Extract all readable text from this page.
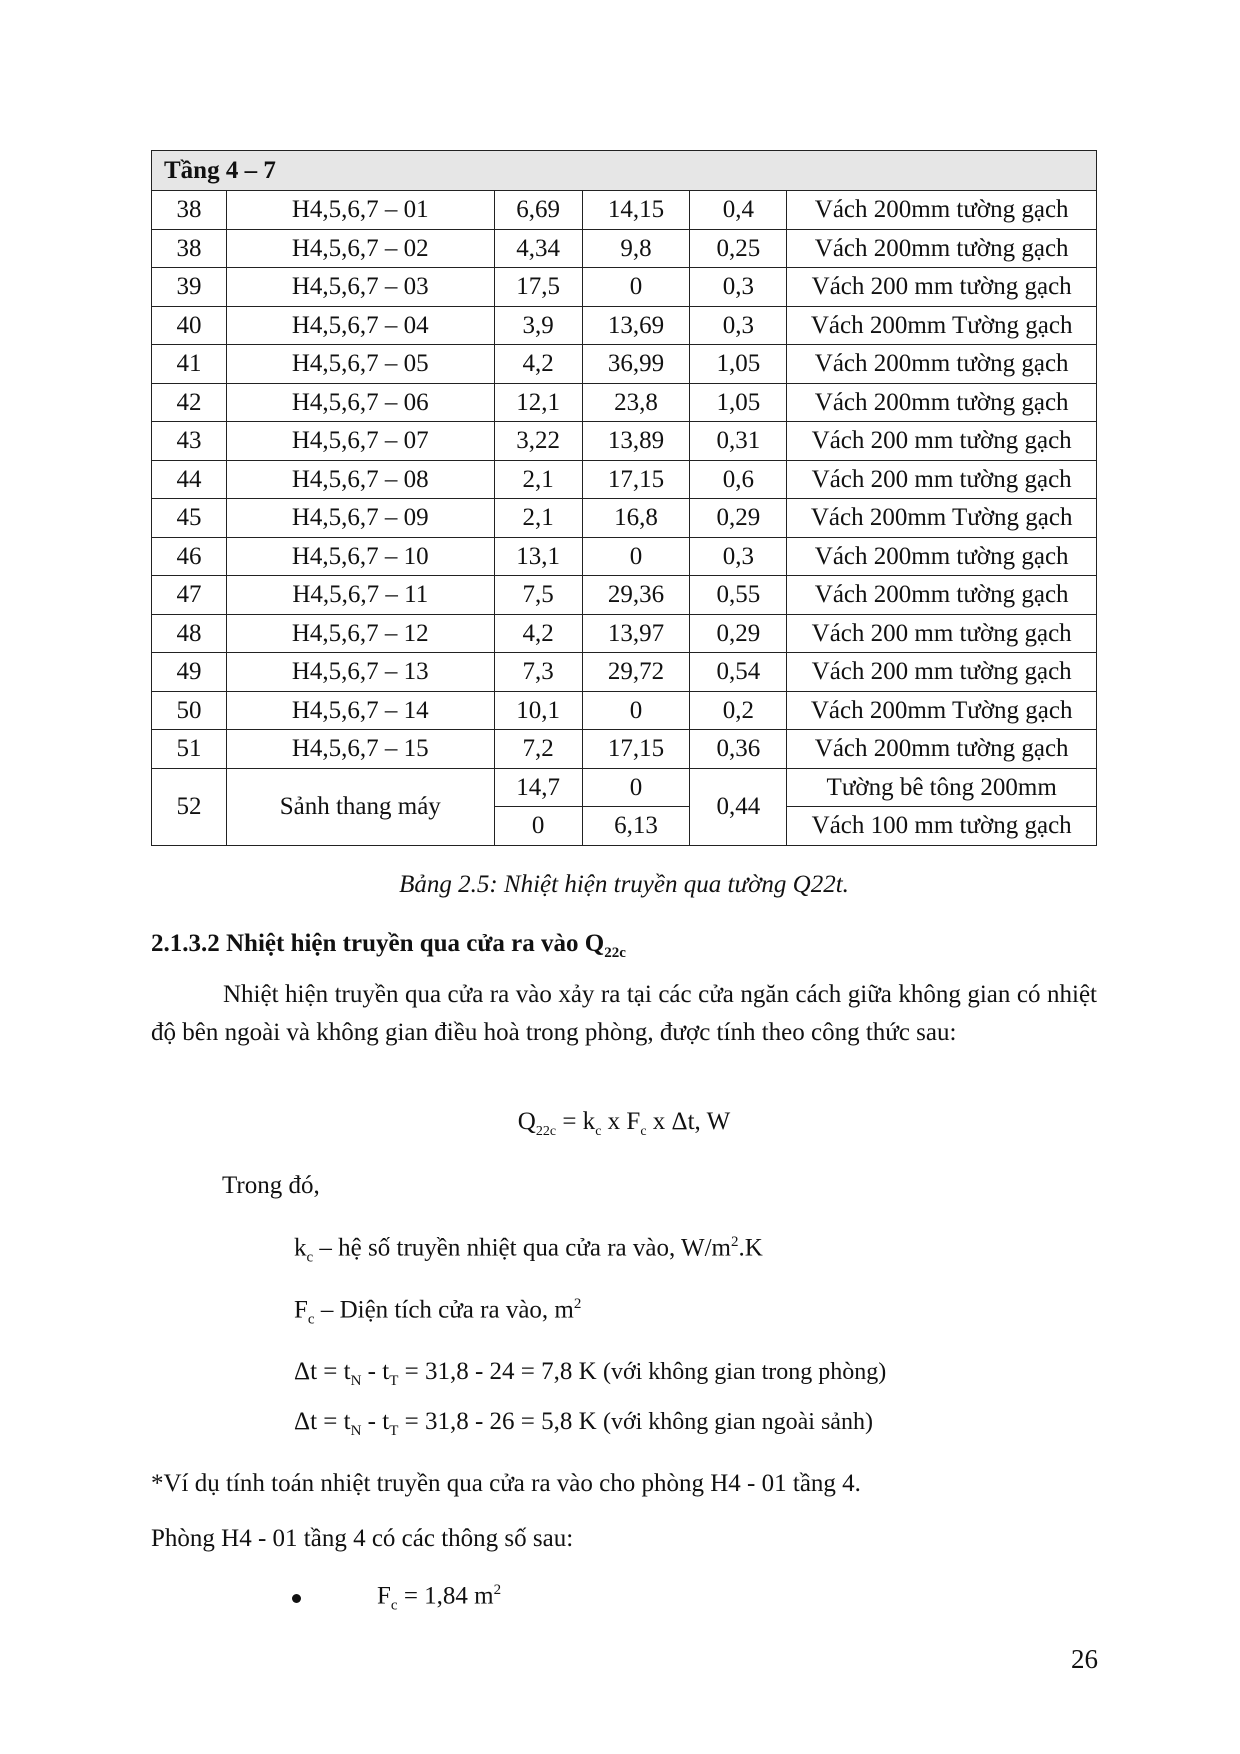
Tầng 4 – 7					
38	H4,5,6,7 – 01	6,69	14,15	0,4	Vách 200mm tường gạch
38	H4,5,6,7 – 02	4,34	9,8	0,25	Vách 200mm tường gạch
39	H4,5,6,7 – 03	17,5	0	0,3	Vách 200 mm tường gạch
40	H4,5,6,7 – 04	3,9	13,69	0,3	Vách 200mm Tường gạch
41	H4,5,6,7 – 05	4,2	36,99	1,05	Vách 200mm tường gạch
42	H4,5,6,7 – 06	12,1	23,8	1,05	Vách 200mm tường gạch
43	H4,5,6,7 – 07	3,22	13,89	0,31	Vách 200 mm tường gạch
44	H4,5,6,7 – 08	2,1	17,15	0,6	Vách 200 mm tường gạch
45	H4,5,6,7 – 09	2,1	16,8	0,29	Vách 200mm Tường gạch
46	H4,5,6,7 – 10	13,1	0	0,3	Vách 200mm tường gạch
47	H4,5,6,7 – 11	7,5	29,36	0,55	Vách 200mm tường gạch
48	H4,5,6,7 – 12	4,2	13,97	0,29	Vách 200 mm tường gạch
49	H4,5,6,7 – 13	7,3	29,72	0,54	Vách 200 mm tường gạch
50	H4,5,6,7 – 14	10,1	0	0,2	Vách 200mm Tường gạch
51	H4,5,6,7 – 15	7,2	17,15	0,36	Vách 200mm tường gạch
52	Sảnh thang máy	14,7	0	0,44	Tường bê tông 200mm
		0	6,13		Vách 100 mm tường gạch
Bảng 2.5: Nhiệt hiện truyền qua tường Q22t.
2.1.3.2 Nhiệt hiện truyền qua cửa ra vào $Q_{22c}$
Nhiệt hiện truyền qua cửa ra vào xảy ra tại các cửa ngăn cách giữa không gian có nhiệt độ bên ngoài và không gian điều hoà trong phòng, được tính theo công thức sau:
$Q_{22c} = k_c$ x $F_c$ x Δt, W
Trong đó,
$k_c$ – hệ số truyền nhiệt qua cửa ra vào, $W/m^2.K$
$F_c$ – Diện tích cửa ra vào, $m^2$
$\Delta t = t_N - t_T = 31,8 - 24 = 7,8$ K (với không gian trong phòng)
$\Delta t = t_N - t_T = 31,8 - 26 = 5,8$ K (với không gian ngoài sảnh)
*Ví dụ tính toán nhiệt truyền qua cửa ra vào cho phòng H4 - 01 tầng 4.
Phòng H4 - 01 tầng 4 có các thông số sau:
$F_c = 1,84$ $m^2$
26
